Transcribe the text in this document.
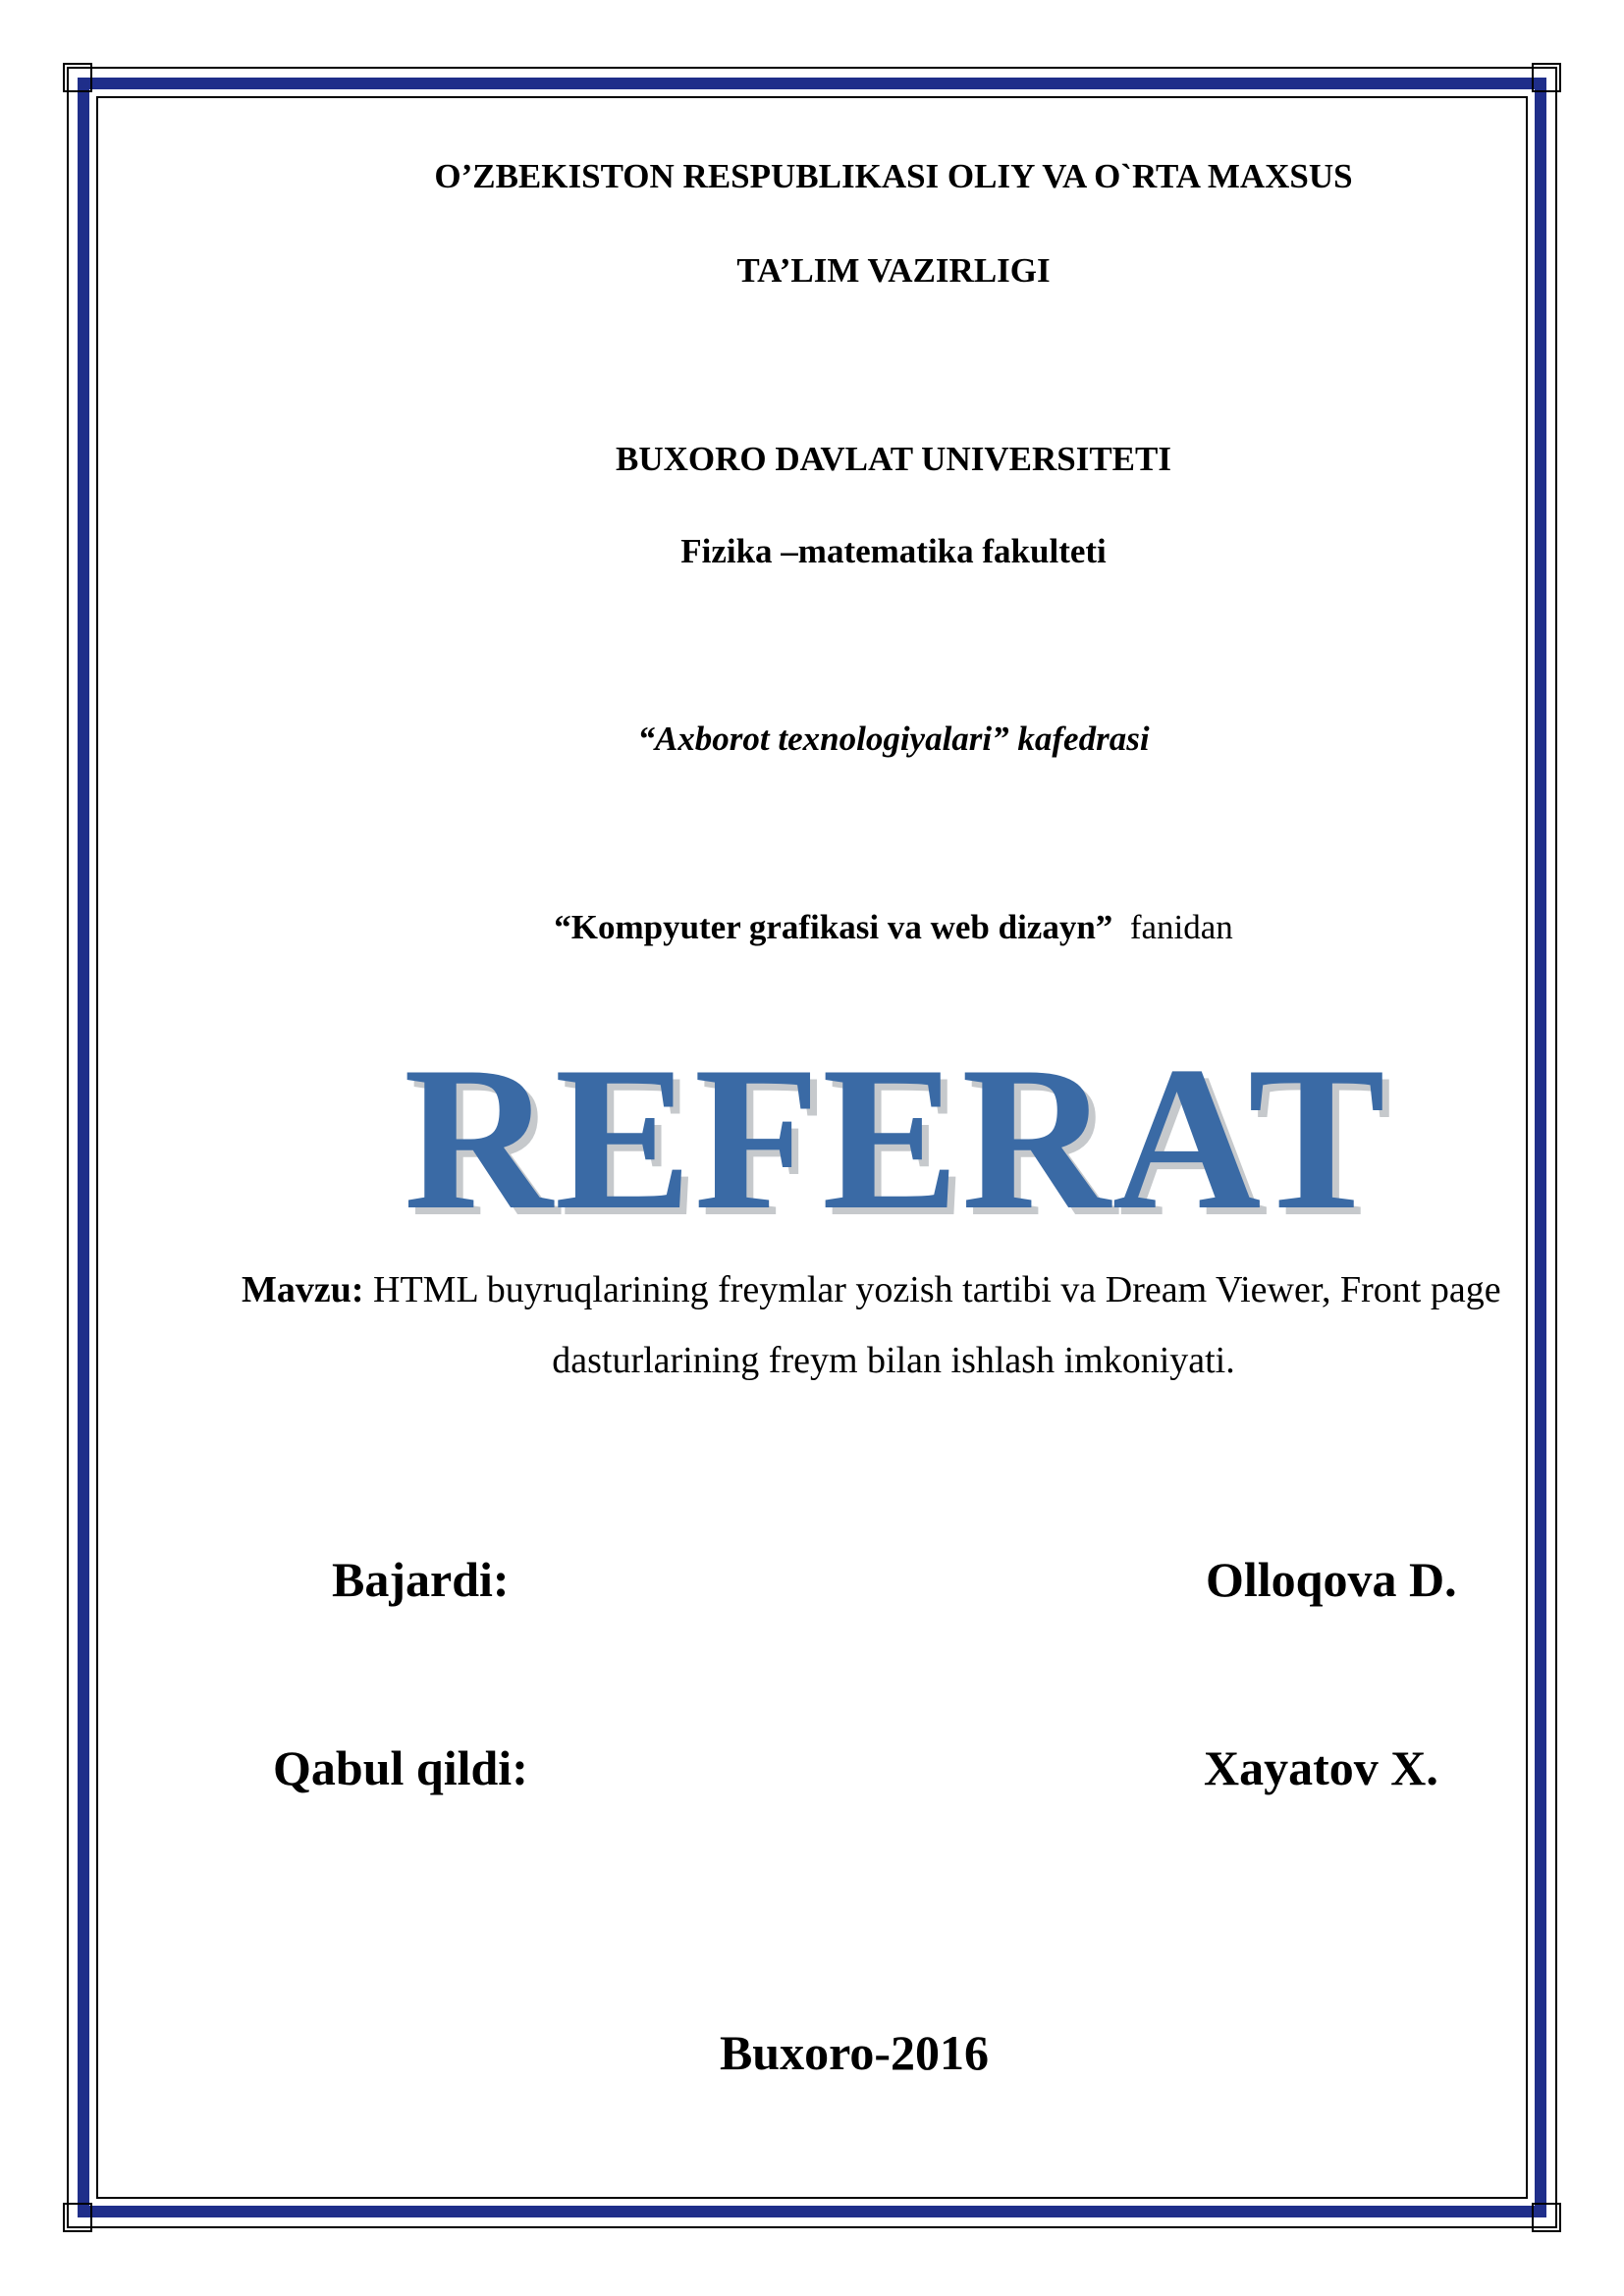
O’ZBEKISTON RESPUBLIKASI OLIY VA O`RTA MAXSUS
TA’LIM VAZIRLIGI
BUXORO DAVLAT UNIVERSITETI
Fizika –matematika fakulteti
“Axborot texnologiyalari” kafedrasi
“Kompyuter grafikasi va web dizayn” fanidan
REFERAT
Mavzu: HTML buyruqlarining freymlar yozish tartibi va Dream Viewer, Front page
dasturlarining freym bilan ishlash imkoniyati.
Bajardi:	Olloqova D.
Qabul qildi:	Xayatov X.
Buxoro-2016
